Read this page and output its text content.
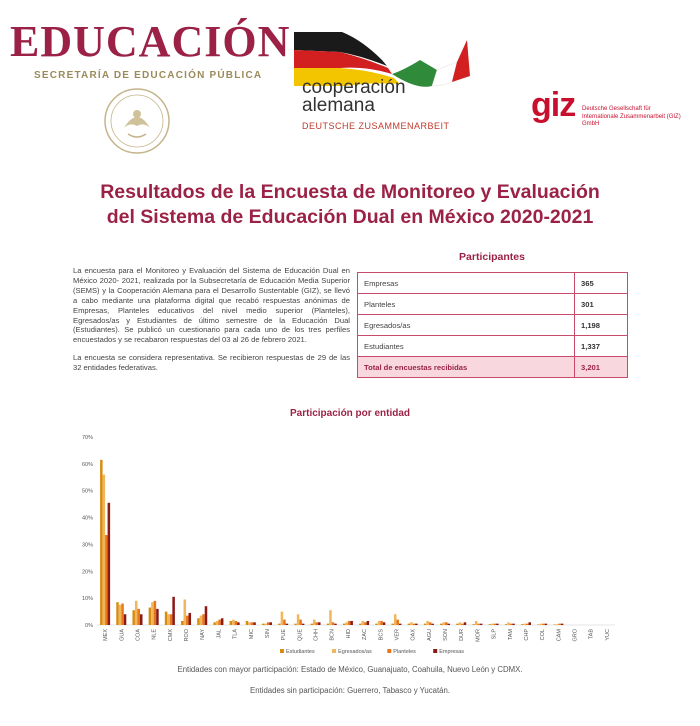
EDUCACIÓN
SECRETARÍA DE EDUCACIÓN PÚBLICA
cooperación
alemana
DEUTSCHE ZUSAMMENARBEIT
giz Deutsche Gesellschaft für Internationale Zusammenarbeit (GIZ) GmbH
Resultados de la Encuesta de Monitoreo y Evaluación
del Sistema de Educación Dual en México 2020-2021

La encuesta para el Monitoreo y Evaluación del Sistema de Educación Dual en México 2020- 2021, realizada por la Subsecretaría de Educación Media Superior (SEMS) y la Cooperación Alemana para el Desarrollo Sustentable (GIZ), se llevó a cabo mediante una plataforma digital que recabó respuestas anónimas de Empresas, Planteles educativos del nivel medio superior (Planteles), Egresados/as y Estudiantes de último semestre de la Educación Dual (Estudiantes). Se publicó un cuestionario para cada uno de los tres perfiles encuestados y se recabaron respuestas del 03 al 26 de febrero 2021.

La encuesta se considera representativa. Se recibieron respuestas de 29 de las 32 entidades federativas.

Participantes
Empresas	365
Planteles	301
Egresados/as	1,198
Estudiantes	1,337
Total de encuestas recibidas	3,201
Participación por entidad
0%
10%
20%
30%
40%
50%
60%
70%
MEX GUA COA NLE CMX ROO NAY JAL TLA MIC SIN PUE QUE CHH BCN HID ZAC BCS VER OAX AGU SON DUR MOR SLP TAM CHP COL CAM GRO TAB YUC
Estudiantes	Egresados/as	Planteles	Empresas
Entidades con mayor participación: Estado de México, Guanajuato, Coahuila, Nuevo León y CDMX.
Entidades sin participación: Guerrero, Tabasco y Yucatán.
